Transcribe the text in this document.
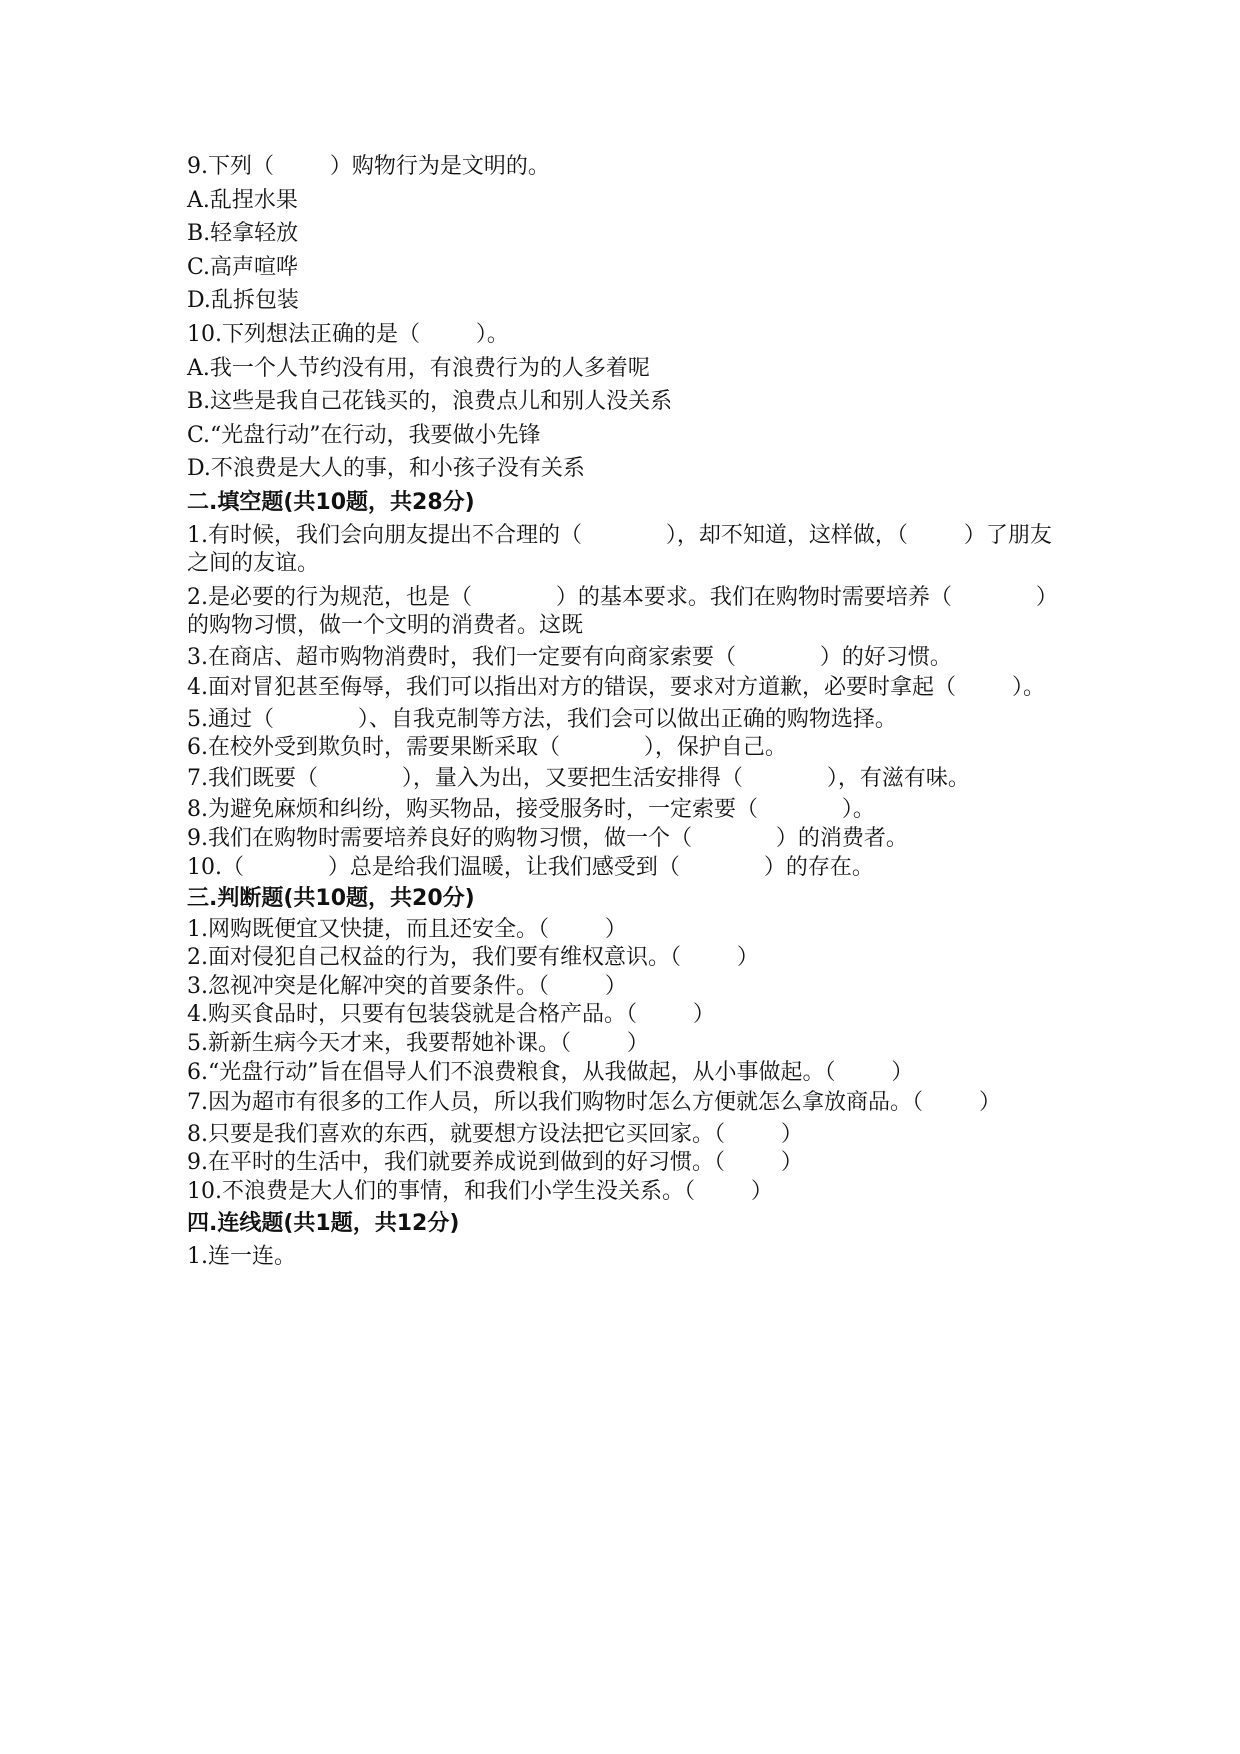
9.下列（        ）购物行为是文明的。
A.乱捏水果
B.轻拿轻放
C.高声喧哗
D.乱拆包装
10.下列想法正确的是（        ）。
A.我一个人节约没有用，有浪费行为的人多着呢
B.这些是我自己花钱买的，浪费点儿和别人没关系
C.“光盘行动”在行动，我要做小先锋
D.不浪费是大人的事，和小孩子没有关系
二.填空题(共10题，共28分)
1.有时候，我们会向朋友提出不合理的（            ），却不知道，这样做，（        ）了朋友之间的友谊。
2.是必要的行为规范，也是（            ）的基本要求。我们在购物时需要培养（            ）的购物习惯，做一个文明的消费者。这既
3.在商店、超市购物消费时，我们一定要有向商家索要（            ）的好习惯。
4.面对冒犯甚至侮辱，我们可以指出对方的错误，要求对方道歉，必要时拿起（        ）。
5.通过（            ）、自我克制等方法，我们会可以做出正确的购物选择。
6.在校外受到欺负时，需要果断采取（            ），保护自己。
7.我们既要（            ），量入为出，又要把生活安排得（            ），有滋有味。
8.为避免麻烦和纠纷，购买物品，接受服务时，一定索要（            ）。
9.我们在购物时需要培养良好的购物习惯，做一个（            ）的消费者。
10.（            ）总是给我们温暖，让我们感受到（            ）的存在。
三.判断题(共10题，共20分)
1.网购既便宜又快捷，而且还安全。（        ）
2.面对侵犯自己权益的行为，我们要有维权意识。（        ）
3.忽视冲突是化解冲突的首要条件。（        ）
4.购买食品时，只要有包装袋就是合格产品。（        ）
5.新新生病今天才来，我要帮她补课。（        ）
6.“光盘行动”旨在倡导人们不浪费粮食，从我做起，从小事做起。（        ）
7.因为超市有很多的工作人员，所以我们购物时怎么方便就怎么拿放商品。（        ）
8.只要是我们喜欢的东西，就要想方设法把它买回家。（        ）
9.在平时的生活中，我们就要养成说到做到的好习惯。（        ）
10.不浪费是大人们的事情，和我们小学生没关系。（        ）
四.连线题(共1题，共12分)
1.连一连。
